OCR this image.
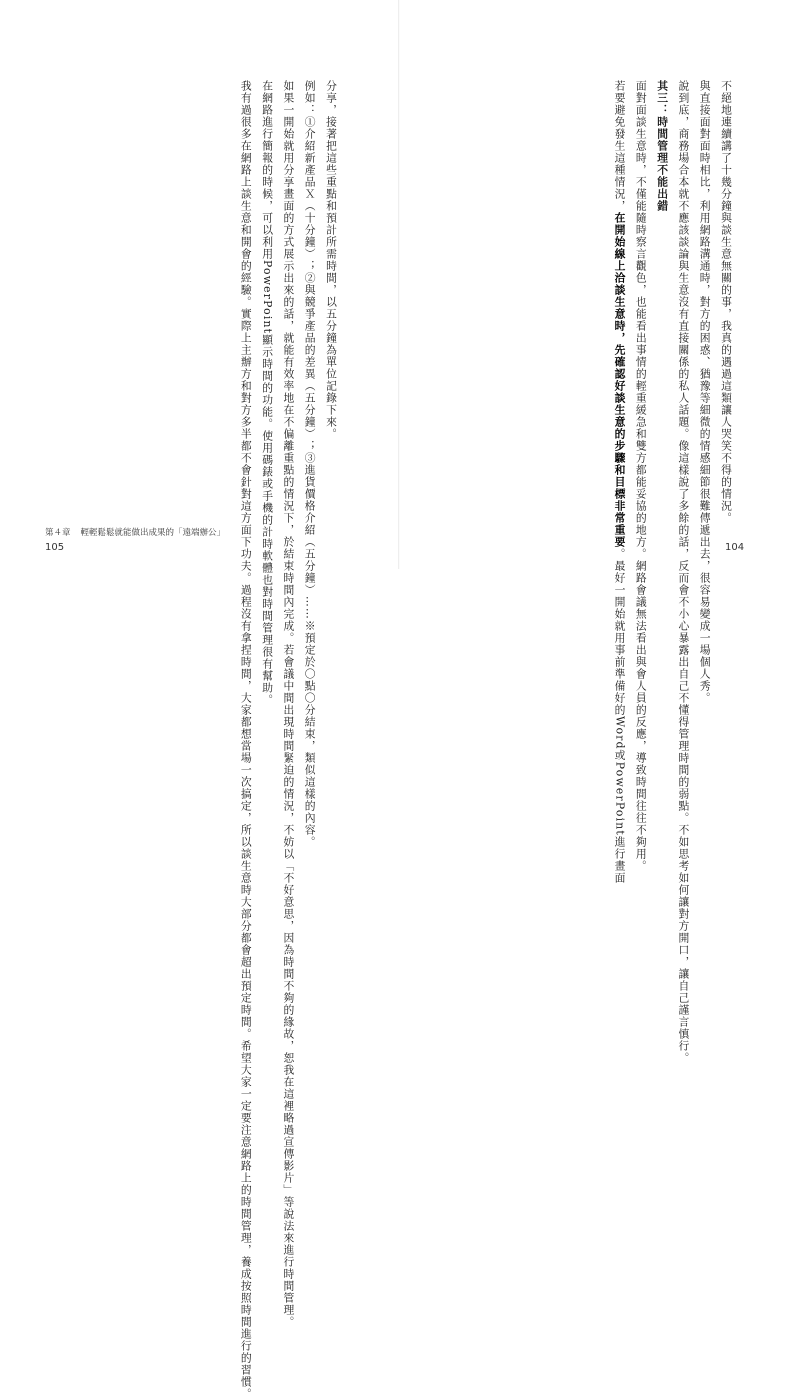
分享，接著把這些重點和預計所需時間，以五分鐘為單位記錄下來。

例如：①介紹新產品Ｘ（十分鐘）；②與競爭產品的差異（五分鐘）；③進貨價格介紹（五分鐘）……※預定於〇點〇分結束，類似這樣的內容。

如果一開始就用分享畫面的方式展示出來的話，就能有效率地在不偏離重點的情況下，於結束時間內完成。若會議中間出現時間緊迫的情況，不妨以「不好意思，因為時間不夠的緣故，恕我在這裡略過宣傳影片」等說法來進行時間管理。

在網路進行簡報的時候，可以利用PowerPoint顯示時間的功能。使用碼錶或手機的計時軟體也對時間管理很有幫助。

我有過很多在網路上談生意和開會的經驗。實際上主辦方和對方多半都不會針對這方面下功夫。過程沒有拿捏時間，大家都想當場一次搞定，所以談生意時大部分都會超出預定時間。希望大家一定要注意網路上的時間管理，養成按照時間進行的習慣。

第４章 輕輕鬆鬆就能做出成果的「遠端辦公」
105

不絕地連續講了十幾分鐘與談生意無關的事，我真的遇過這類讓人哭笑不得的情況。

與直接面對面時相比，利用網路溝通時，對方的困惑、猶豫等細微的情感細節很難傳遞出去，很容易變成一場個人秀。

說到底，商務場合本就不應該談論與生意沒有直接關係的私人話題。像這樣說了多餘的話，反而會不小心暴露出自己不懂得管理時間的弱點。不如思考如何讓對方開口，讓自己謹言慎行。

其三：時間管理不能出錯

面對面談生意時，不僅能隨時察言觀色，也能看出事情的輕重緩急和雙方都能妥協的地方。網路會議無法看出與會人員的反應，導致時間往往不夠用。

若要避免發生這種情況，在開始線上洽談生意時，先確認好談生意的步驟和目標非常重要。最好一開始就用事前準備好的Word或PowerPoint進行畫面

104
